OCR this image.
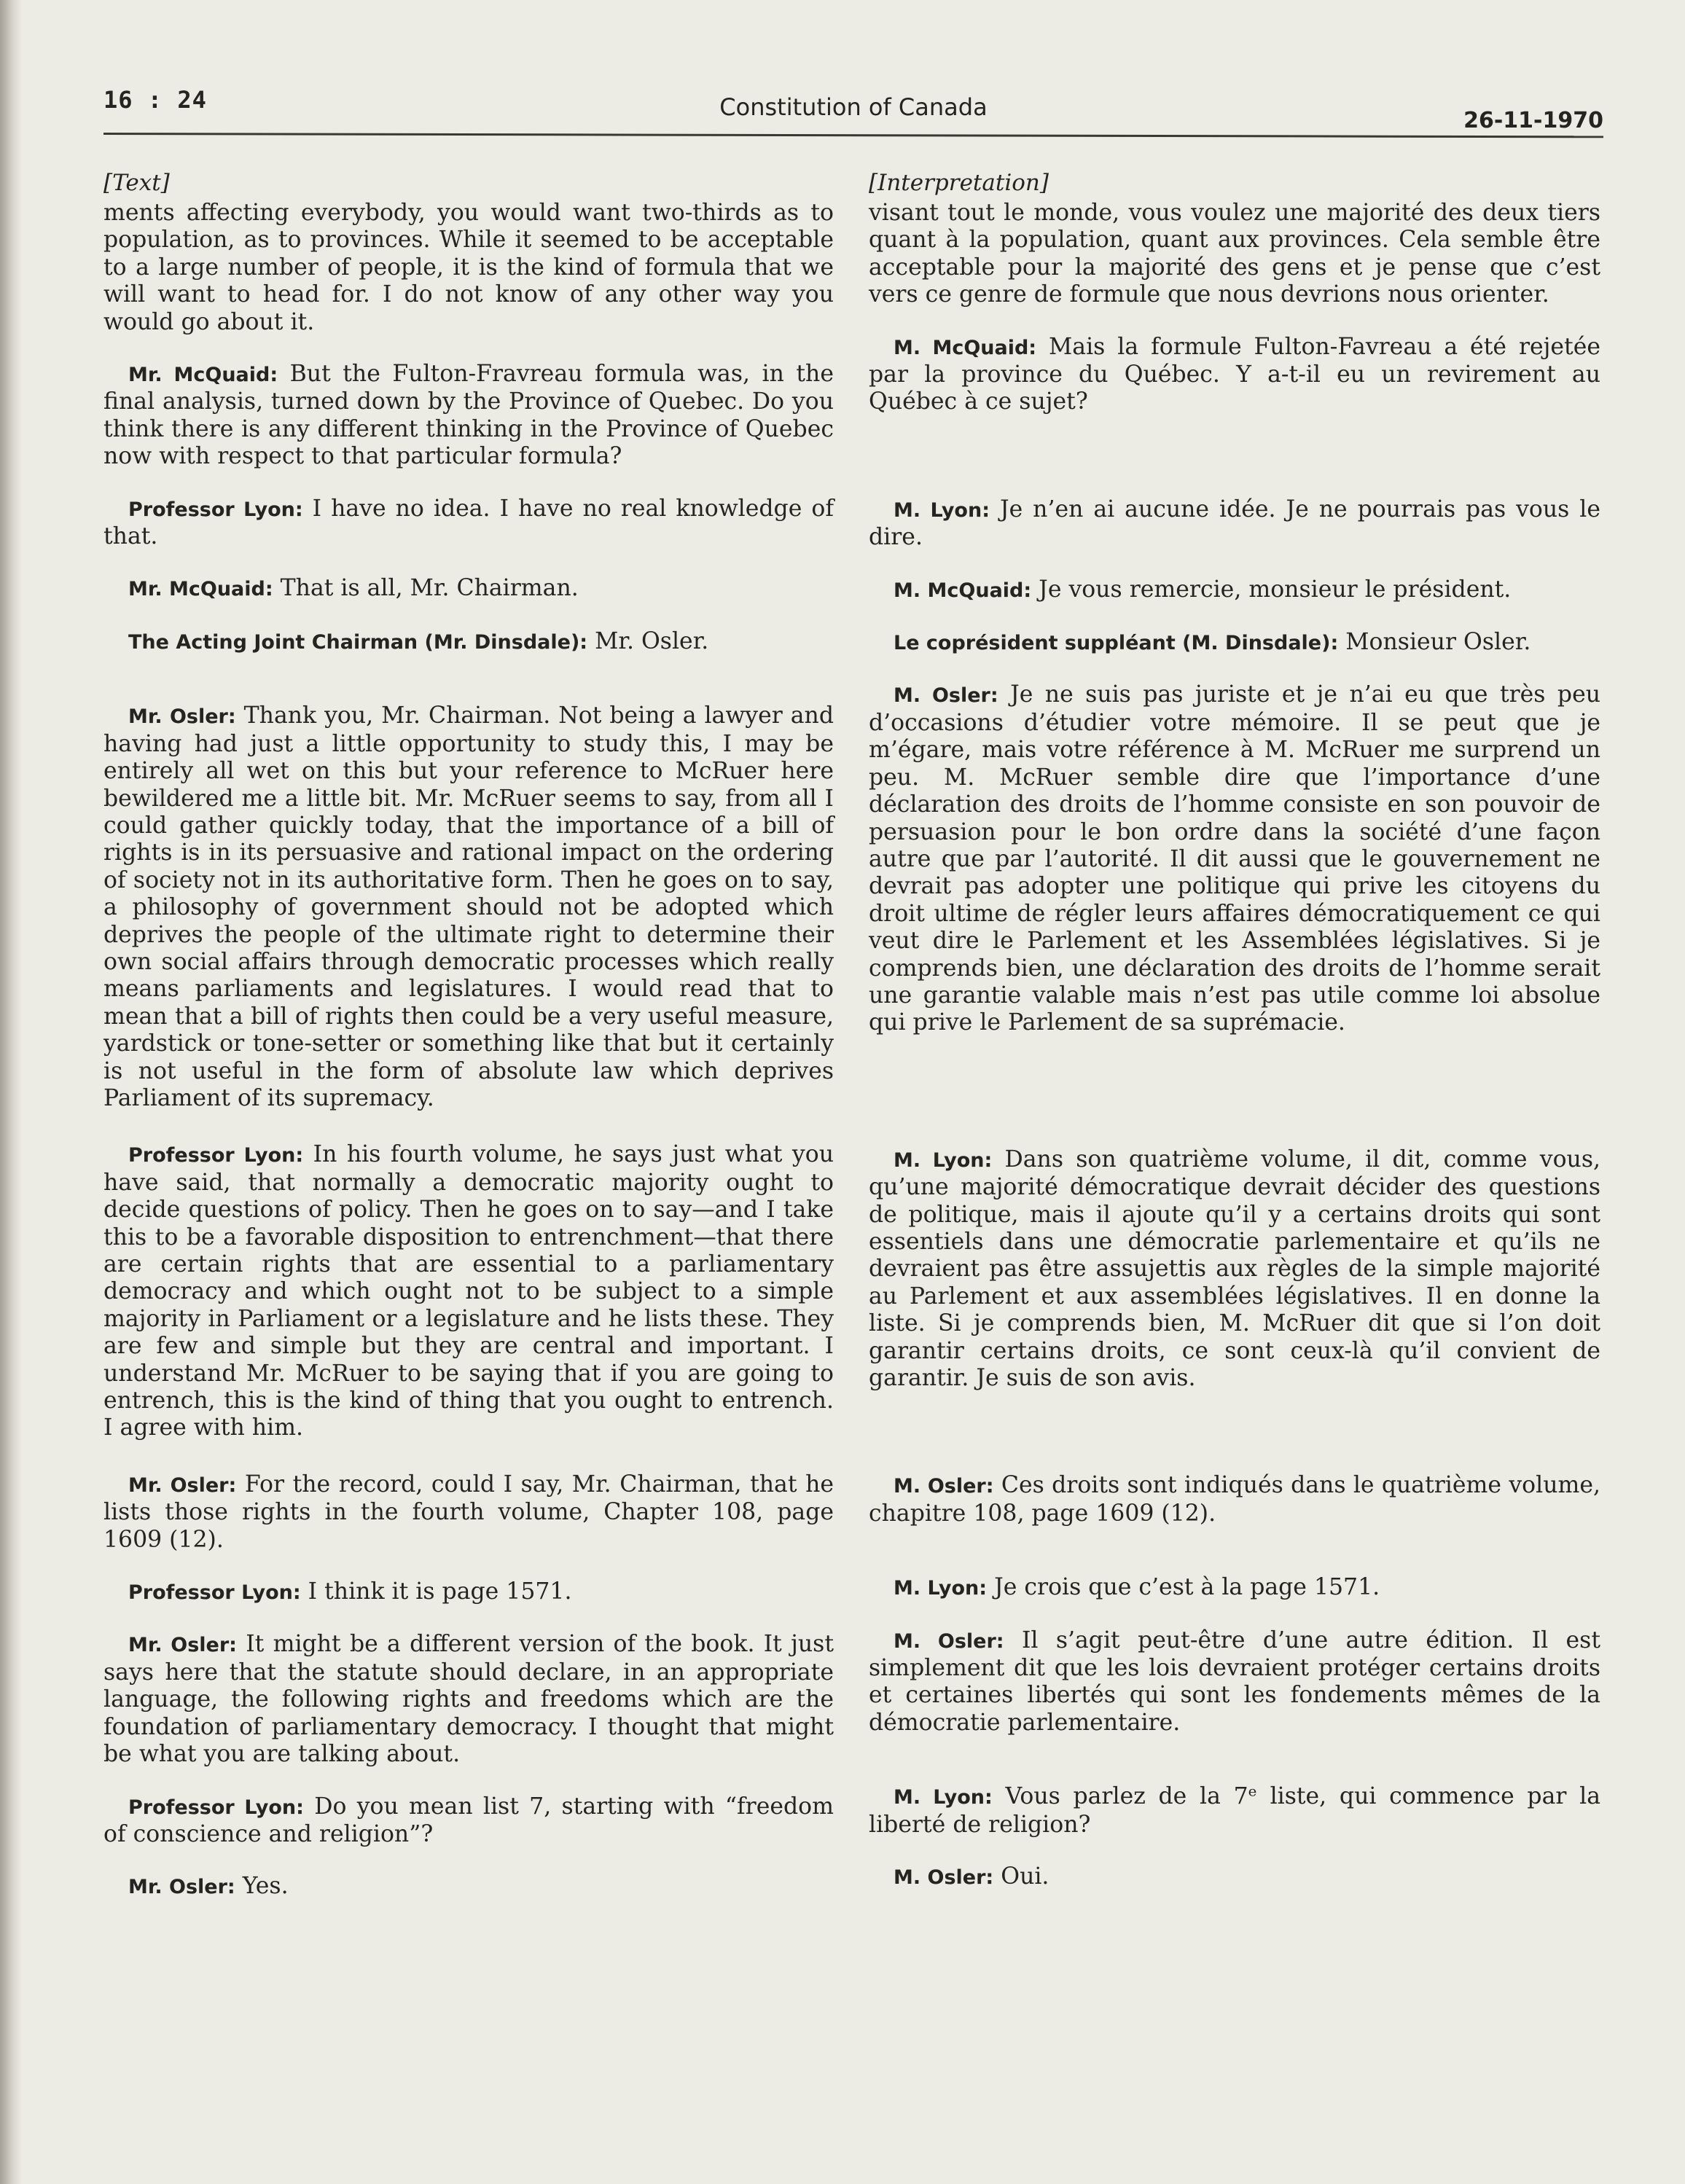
16 : 24	Constitution of Canada	26-11-1970
[Text]

ments affecting everybody, you would want two-thirds as to population, as to provinces. While it seemed to be acceptable to a large number of people, it is the kind of formula that we will want to head for. I do not know of any other way you would go about it.

Mr. McQuaid: But the Fulton-Fravreau formula was, in the final analysis, turned down by the Province of Quebec. Do you think there is any different thinking in the Province of Quebec now with respect to that particular formula?

Professor Lyon: I have no idea. I have no real knowledge of that.

Mr. McQuaid: That is all, Mr. Chairman.

The Acting Joint Chairman (Mr. Dinsdale): Mr. Osler.

Mr. Osler: Thank you, Mr. Chairman. Not being a lawyer and having had just a little opportunity to study this, I may be entirely all wet on this but your reference to McRuer here bewildered me a little bit. Mr. McRuer seems to say, from all I could gather quickly today, that the importance of a bill of rights is in its persuasive and rational impact on the ordering of society not in its authoritative form. Then he goes on to say, a philosophy of government should not be adopted which deprives the people of the ultimate right to determine their own social affairs through democratic processes which really means parliaments and legislatures. I would read that to mean that a bill of rights then could be a very useful measure, yardstick or tone-setter or something like that but it certainly is not useful in the form of absolute law which deprives Parliament of its supremacy.

Professor Lyon: In his fourth volume, he says just what you have said, that normally a democratic majority ought to decide questions of policy. Then he goes on to say—and I take this to be a favorable disposition to entrenchment—that there are certain rights that are essential to a parliamentary democracy and which ought not to be subject to a simple majority in Parliament or a legislature and he lists these. They are few and simple but they are central and important. I understand Mr. McRuer to be saying that if you are going to entrench, this is the kind of thing that you ought to entrench. I agree with him.

Mr. Osler: For the record, could I say, Mr. Chairman, that he lists those rights in the fourth volume, Chapter 108, page 1609 (12).

Professor Lyon: I think it is page 1571.

Mr. Osler: It might be a different version of the book. It just says here that the statute should declare, in an appropriate language, the following rights and freedoms which are the foundation of parliamentary democracy. I thought that might be what you are talking about.

Professor Lyon: Do you mean list 7, starting with “freedom of conscience and religion”?

Mr. Osler: Yes.

[Interpretation]

visant tout le monde, vous voulez une majorité des deux tiers quant à la population, quant aux provinces. Cela semble être acceptable pour la majorité des gens et je pense que c’est vers ce genre de formule que nous devrions nous orienter.

M. McQuaid: Mais la formule Fulton-Favreau a été rejetée par la province du Québec. Y a-t-il eu un revirement au Québec à ce sujet?

M. Lyon: Je n’en ai aucune idée. Je ne pourrais pas vous le dire.

M. McQuaid: Je vous remercie, monsieur le président.

Le coprésident suppléant (M. Dinsdale): Monsieur Osler.

M. Osler: Je ne suis pas juriste et je n’ai eu que très peu d’occasions d’étudier votre mémoire. Il se peut que je m’égare, mais votre référence à M. McRuer me surprend un peu. M. McRuer semble dire que l’importance d’une déclaration des droits de l’homme consiste en son pouvoir de persuasion pour le bon ordre dans la société d’une façon autre que par l’autorité. Il dit aussi que le gouvernement ne devrait pas adopter une politique qui prive les citoyens du droit ultime de régler leurs affaires démocratiquement ce qui veut dire le Parlement et les Assemblées législatives. Si je comprends bien, une déclaration des droits de l’homme serait une garantie valable mais n’est pas utile comme loi absolue qui prive le Parlement de sa suprémacie.

M. Lyon: Dans son quatrième volume, il dit, comme vous, qu’une majorité démocratique devrait décider des questions de politique, mais il ajoute qu’il y a certains droits qui sont essentiels dans une démocratie parlementaire et qu’ils ne devraient pas être assujettis aux règles de la simple majorité au Parlement et aux assemblées législatives. Il en donne la liste. Si je comprends bien, M. McRuer dit que si l’on doit garantir certains droits, ce sont ceux-là qu’il convient de garantir. Je suis de son avis.

M. Osler: Ces droits sont indiqués dans le quatrième volume, chapitre 108, page 1609 (12).

M. Lyon: Je crois que c’est à la page 1571.

M. Osler: Il s’agit peut-être d’une autre édition. Il est simplement dit que les lois devraient protéger certains droits et certaines libertés qui sont les fondements mêmes de la démocratie parlementaire.

M. Lyon: Vous parlez de la 7ᵉ liste, qui commence par la liberté de religion?

M. Osler: Oui.
